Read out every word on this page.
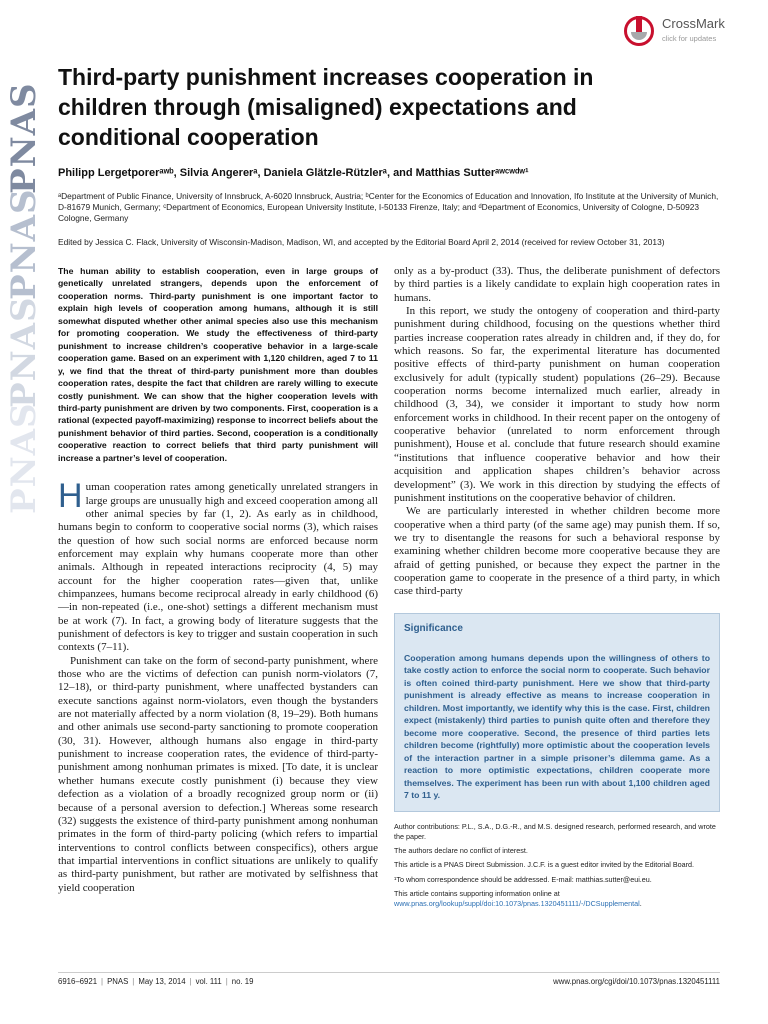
PNAS
PNAS
PNAS
PNAS
CrossMark
click for updates
Third-party punishment increases cooperation in children through (misaligned) expectations and conditional cooperation
Philipp Lergetporerᵃʷᵇ, Silvia Angererᵃ, Daniela Glätzle-Rützlerᵃ, and Matthias Sutterᵃʷᶜʷᵈʷ¹
ᵃDepartment of Public Finance, University of Innsbruck, A-6020 Innsbruck, Austria; ᵇCenter for the Economics of Education and Innovation, Ifo Institute at the University of Munich, D-81679 Munich, Germany; ᶜDepartment of Economics, European University Institute, I-50133 Firenze, Italy; and ᵈDepartment of Economics, University of Cologne, D-50923 Cologne, Germany
Edited by Jessica C. Flack, University of Wisconsin-Madison, Madison, WI, and accepted by the Editorial Board April 2, 2014 (received for review October 31, 2013)
The human ability to establish cooperation, even in large groups of genetically unrelated strangers, depends upon the enforcement of cooperation norms. Third-party punishment is one important factor to explain high levels of cooperation among humans, although it is still somewhat disputed whether other animal species also use this mechanism for promoting cooperation. We study the effectiveness of third-party punishment to increase children’s cooperative behavior in a large-scale cooperation game. Based on an experiment with 1,120 children, aged 7 to 11 y, we find that the threat of third-party punishment more than doubles cooperation rates, despite the fact that children are rarely willing to execute costly punishment. We can show that the higher cooperation levels with third-party punishment are driven by two components. First, cooperation is a rational (expected payoff-maximizing) response to incorrect beliefs about the punishment behavior of third parties. Second, cooperation is a conditionally cooperative reaction to correct beliefs that third party punishment will increase a partner’s level of cooperation.

Human cooperation rates among genetically unrelated strangers in large groups are unusually high and exceed cooperation among all other animal species by far (1, 2). As early as in childhood, humans begin to conform to cooperative social norms (3), which raises the question of how such social norms are enforced because norm enforcement may explain why humans cooperate more than other animals. Although in repeated interactions reciprocity (4, 5) may account for the higher cooperation rates—given that, unlike chimpanzees, humans become reciprocal already in early childhood (6)—in non-repeated (i.e., one-shot) settings a different mechanism must be at work (7). In fact, a growing body of literature suggests that the punishment of defectors is key to trigger and sustain cooperation in such contexts (7–11).

Punishment can take on the form of second-party punishment, where those who are the victims of defection can punish norm-violators (7, 12–18), or third-party punishment, where unaffected bystanders can execute sanctions against norm-violators, even though the bystanders are not materially affected by a norm violation (8, 19–29). Both humans and other animals use second-party sanctioning to promote cooperation (30, 31). However, although humans also engage in third-party punishment to increase cooperation rates, the evidence of third-party-punishment among nonhuman primates is mixed. [To date, it is unclear whether humans execute costly punishment (i) because they view defection as a violation of a broadly recognized group norm or (ii) because of a personal aversion to defection.] Whereas some research (32) suggests the existence of third-party punishment among nonhuman primates in the form of third-party policing (which refers to impartial interventions to control conflicts between conspecifics), others argue that impartial interventions in conflict situations are unlikely to qualify as third-party punishment, but rather are motivated by selfishness that yield cooperation

only as a by-product (33). Thus, the deliberate punishment of defectors by third parties is a likely candidate to explain high cooperation rates in humans.

In this report, we study the ontogeny of cooperation and third-party punishment during childhood, focusing on the questions whether third parties increase cooperation rates already in children and, if they do, for which reasons. So far, the experimental literature has documented positive effects of third-party punishment on human cooperation exclusively for adult (typically student) populations (26–29). Because cooperation norms become internalized much earlier, already in childhood (3, 34), we consider it important to study how norm enforcement works in childhood. In their recent paper on the ontogeny of cooperative behavior (unrelated to norm enforcement through punishment), House et al. conclude that future research should examine “institutions that influence cooperative behavior and how their acquisition and application shapes children’s behavior across development” (3). We work in this direction by studying the effects of punishment institutions on the cooperative behavior of children.

We are particularly interested in whether children become more cooperative when a third party (of the same age) may punish them. If so, we try to disentangle the reasons for such a behavioral response by examining whether children become more cooperative because they are afraid of getting punished, or because they expect the partner in the cooperation game to cooperate in the presence of a third party, in which case third-party

Significance
Cooperation among humans depends upon the willingness of others to take costly action to enforce the social norm to cooperate. Such behavior is often coined third-party punishment. Here we show that third-party punishment is already effective as means to increase cooperation in children. Most importantly, we identify why this is the case. First, children expect (mistakenly) third parties to punish quite often and therefore they become more cooperative. Second, the presence of third parties lets children become (rightfully) more optimistic about the cooperation levels of the interaction partner in a simple prisoner’s dilemma game. As a reaction to more optimistic expectations, children cooperate more themselves. The experiment has been run with about 1,100 children aged 7 to 11 y.

Author contributions: P.L., S.A., D.G.-R., and M.S. designed research, performed research, and wrote the paper.

The authors declare no conflict of interest.

This article is a PNAS Direct Submission. J.C.F. is a guest editor invited by the Editorial Board.

¹To whom correspondence should be addressed. E-mail: matthias.sutter@eui.eu.

This article contains supporting information online at www.pnas.org/lookup/suppl/doi:10.1073/pnas.1320451111/-/DCSupplemental.

6916–6921 | PNAS | May 13, 2014 | vol. 111 | no. 19	www.pnas.org/cgi/doi/10.1073/pnas.1320451111
